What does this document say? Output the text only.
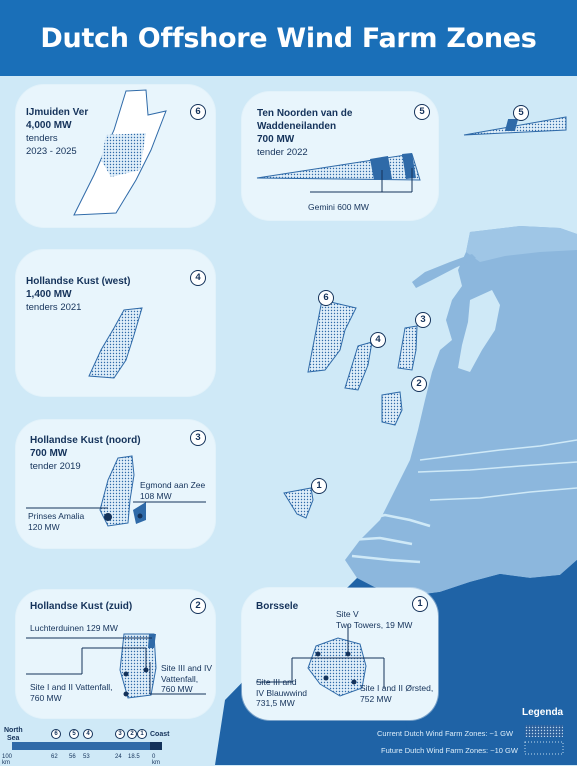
Dutch Offshore Wind Farm Zones
6
4
3
2
1
5
IJmuiden Ver
4,000 MW
tenders
2023 - 2025
6	Ten Noorden van de
Waddeneilanden
700 MW
tender 2022
Gemini 600 MW
5
Hollandse Kust (west)
1,400 MW
tenders 2021
4
Hollandse Kust (noord)
700 MW
tender 2019
Egmond aan Zee
108 MW
Prinses Amalia
120 MW
3
Hollandse Kust (zuid)
Luchterduinen 129 MW
Site I and II Vattenfall,
760 MW
Site III and IV
Vattenfall,
760 MW
2	Borssele
Site V
Two Towers, 19 MW
Site III and
IV Blauwwind
731,5 MW
Site I and II Ørsted,
752 MW
1
Legenda
Current Dutch Wind Farm Zones: ~1 GW
Future Dutch Wind Farm Zones: ~10 GW
North
Sea
Coast
6	5	4	3	2	1
100 km
62 56 53	24 18.5 0 km
